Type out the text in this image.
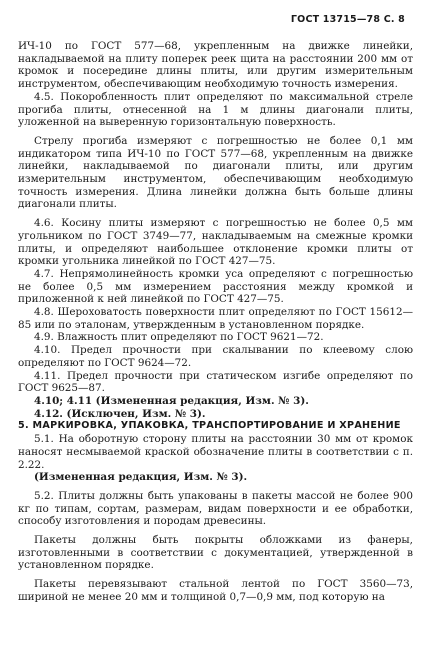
ГОСТ 13715—78 С. 8

ИЧ-10 по ГОСТ 577—68, укрепленным на движке линейки, накладываемой на плиту поперек реек щита на расстоянии 200 мм от кромок и посередине длины плиты, или другим измерительным инструментом, обеспечивающим необходимую точность измерения.

4.5. Покоробленность плит определяют по максимальной стреле прогиба плиты, отнесенной на 1 м длины диагонали плиты, уложенной на выверенную горизонтальную поверхность.

Стрелу прогиба измеряют с погрешностью не более 0,1 мм индикатором типа ИЧ-10 по ГОСТ 577—68, укрепленным на движке линейки, накладываемой по диагонали плиты, или другим измерительным инструментом, обеспечивающим необходимую точность измерения. Длина линейки должна быть больше длины диагонали плиты.

4.6. Косину плиты измеряют с погрешностью не более 0,5 мм угольником по ГОСТ 3749—77, накладываемым на смежные кромки плиты, и определяют наибольшее отклонение кромки плиты от кромки угольника линейкой по ГОСТ 427—75.

4.7. Непрямолинейность кромки уса определяют с погрешностью не более 0,5 мм измерением расстояния между кромкой и приложенной к ней линейкой по ГОСТ 427—75.

4.8. Шероховатость поверхности плит определяют по ГОСТ 15612—85 или по эталонам, утвержденным в установленном порядке.

4.9. Влажность плит определяют по ГОСТ 9621—72.

4.10. Предел прочности при скалывании по клеевому слою определяют по ГОСТ 9624—72.

4.11. Предел прочности при статическом изгибе определяют по ГОСТ 9625—87.

4.10; 4.11 (Измененная редакция, Изм. № 3).

4.12. (Исключен, Изм. № 3).

5. МАРКИРОВКА, УПАКОВКА, ТРАНСПОРТИРОВАНИЕ И ХРАНЕНИЕ

5.1. На оборотную сторону плиты на расстоянии 30 мм от кромок наносят несмываемой краской обозначение плиты в соответствии с п. 2.22.

(Измененная редакция, Изм. № 3).

5.2. Плиты должны быть упакованы в пакеты массой не более 900 кг по типам, сортам, размерам, видам поверхности и ее обработки, способу изготовления и породам древесины.

Пакеты должны быть покрыты обложками из фанеры, изготовленными в соответствии с документацией, утвержденной в установленном порядке.

Пакеты перевязывают стальной лентой по ГОСТ 3560—73, шириной не менее 20 мм и толщиной 0,7—0,9 мм, под которую на
